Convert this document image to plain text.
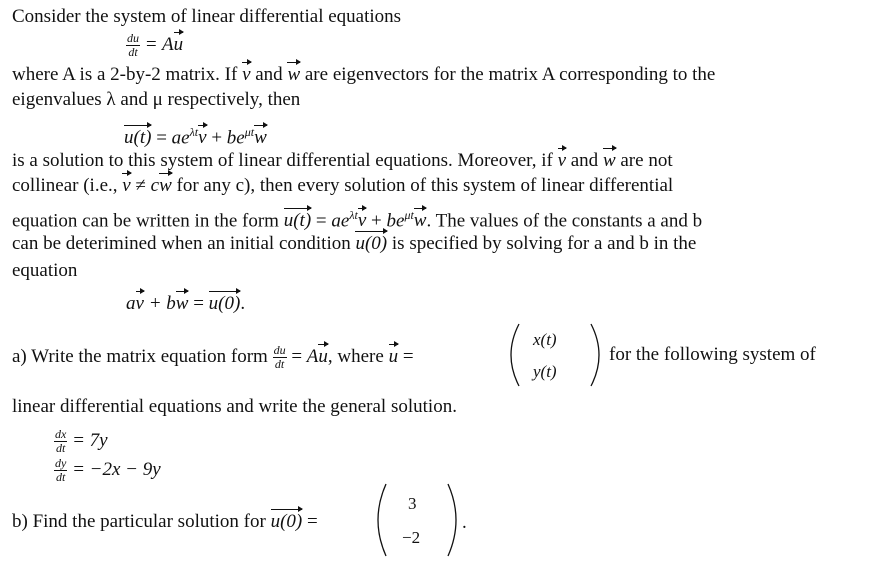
Consider the system of linear differential equations
$\frac{du}{dt} = Au$
where A is a 2-by-2 matrix. If v and w are eigenvectors for the matrix A corresponding to the
eigenvalues λ and μ respectively, then
$u(t) = ae^{\lambda t}v + be^{\mu t}w$
is a solution to this system of linear differential equations. Moreover, if v and w are not
collinear (i.e., v ≠ cw for any c), then every solution of this system of linear differential
equation can be written in the form $u(t) = ae^{\lambda t}v + be^{\mu t}w$. The values of the constants a and b
can be deterimined when an initial condition u(0) is specified by solving for a and b in the
equation
av + bw = u(0).
a) Write the matrix equation form $\frac{du}{dt} = Au$, where u =
x(t)
y(t)
for the following system of
linear differential equations and write the general solution.
$\frac{dx}{dt} = 7y$
$\frac{dy}{dt} = -2x - 9y$
b) Find the particular solution for u(0) =
3
−2
.
